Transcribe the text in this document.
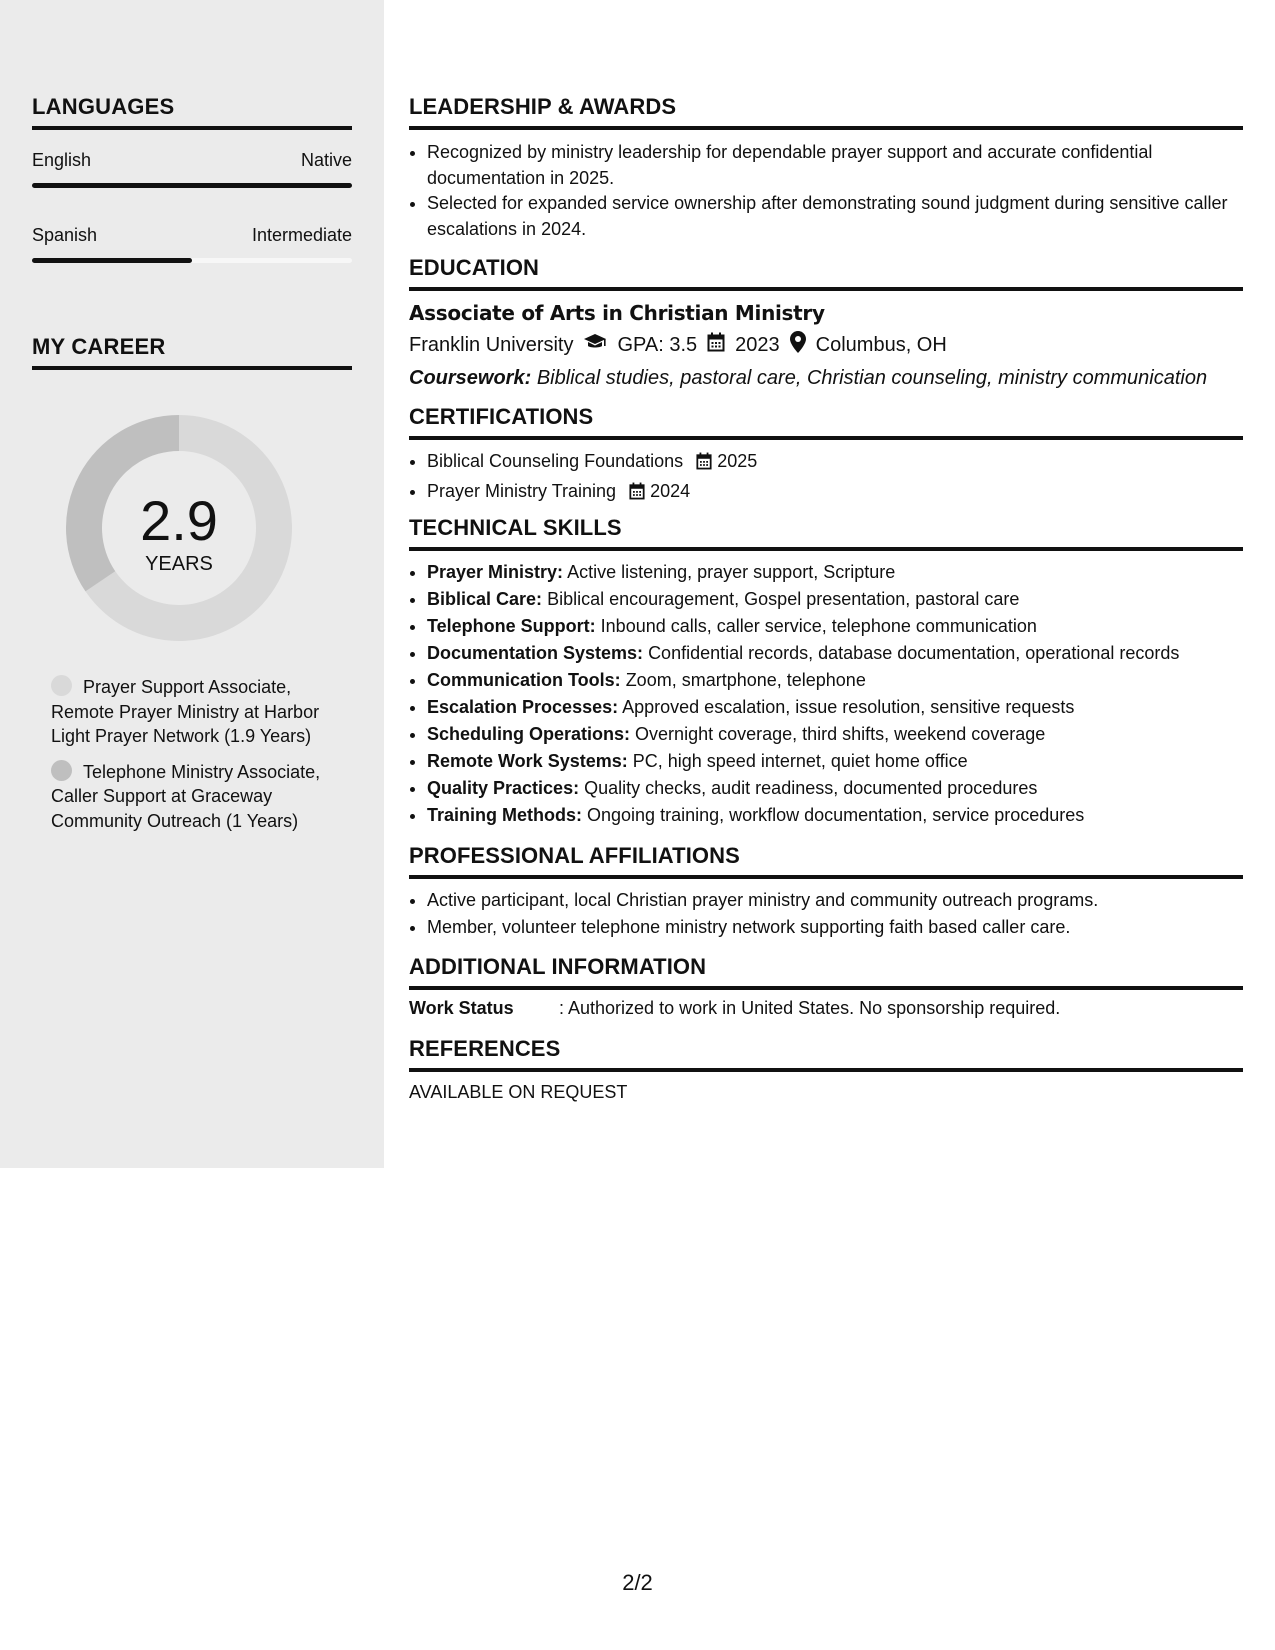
LANGUAGES
English	Native
Spanish	Intermediate
MY CAREER
2.9
YEARS
Prayer Support Associate, Remote Prayer Ministry at Harbor Light Prayer Network (1.9 Years)
Telephone Ministry Associate, Caller Support at Graceway Community Outreach (1 Years)
LEADERSHIP & AWARDS
• Recognized by ministry leadership for dependable prayer support and accurate confidential documentation in 2025.
• Selected for expanded service ownership after demonstrating sound judgment during sensitive caller escalations in 2024.
EDUCATION
Associate of Arts in Christian Ministry
Franklin University GPA: 3.5 2023 Columbus, OH
Coursework: Biblical studies, pastoral care, Christian counseling, ministry communication
CERTIFICATIONS
• Biblical Counseling Foundations 2025
• Prayer Ministry Training 2024
TECHNICAL SKILLS
• Prayer Ministry: Active listening, prayer support, Scripture
• Biblical Care: Biblical encouragement, Gospel presentation, pastoral care
• Telephone Support: Inbound calls, caller service, telephone communication
• Documentation Systems: Confidential records, database documentation, operational records
• Communication Tools: Zoom, smartphone, telephone
• Escalation Processes: Approved escalation, issue resolution, sensitive requests
• Scheduling Operations: Overnight coverage, third shifts, weekend coverage
• Remote Work Systems: PC, high speed internet, quiet home office
• Quality Practices: Quality checks, audit readiness, documented procedures
• Training Methods: Ongoing training, workflow documentation, service procedures
PROFESSIONAL AFFILIATIONS
• Active participant, local Christian prayer ministry and community outreach programs.
• Member, volunteer telephone ministry network supporting faith based caller care.
ADDITIONAL INFORMATION
Work Status	: Authorized to work in United States. No sponsorship required.
REFERENCES
AVAILABLE ON REQUEST
2/2
